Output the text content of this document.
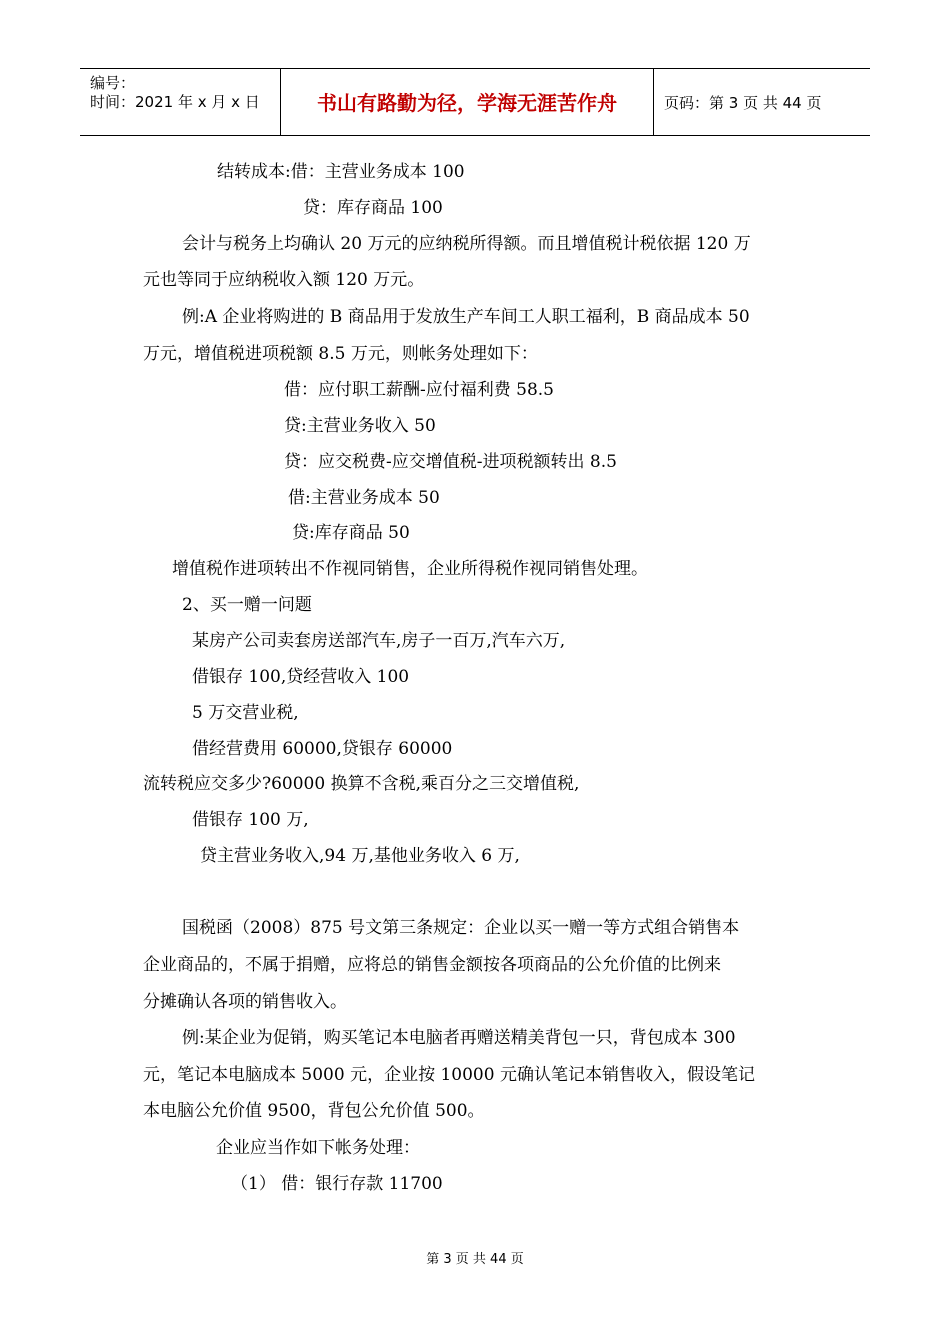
编号：
时间：2021 年 x 月 x 日	书山有路勤为径，学海无涯苦作舟	页码：第 3 页 共 44 页
结转成本:借：主营业务成本 100
贷：库存商品 100
会计与税务上均确认 20 万元的应纳税所得额。而且增值税计税依据 120 万
元也等同于应纳税收入额 120 万元。
例:A 企业将购进的 B 商品用于发放生产车间工人职工福利，B 商品成本 50
万元，增值税进项税额 8.5 万元，则帐务处理如下：
借：应付职工薪酬-应付福利费 58.5
贷:主营业务收入 50
贷：应交税费-应交增值税-进项税额转出 8.5
借:主营业务成本 50
贷:库存商品 50
增值税作进项转出不作视同销售，企业所得税作视同销售处理。
2、买一赠一问题
某房产公司卖套房送部汽车,房子一百万,汽车六万,
借银存 100,贷经营收入 100
5 万交营业税,
借经营费用 60000,贷银存 60000
流转税应交多少?60000 换算不含税,乘百分之三交增值税,
借银存 100 万,
贷主营业务收入,94 万,基他业务收入 6 万,
国税函（2008）875 号文第三条规定：企业以买一赠一等方式组合销售本
企业商品的，不属于捐赠，应将总的销售金额按各项商品的公允价值的比例来
分摊确认各项的销售收入。
例:某企业为促销，购买笔记本电脑者再赠送精美背包一只，背包成本 300
元，笔记本电脑成本 5000 元，企业按 10000 元确认笔记本销售收入，假设笔记
本电脑公允价值 9500，背包公允价值 500。
企业应当作如下帐务处理：
（1） 借：银行存款 11700
第 3 页 共 44 页
